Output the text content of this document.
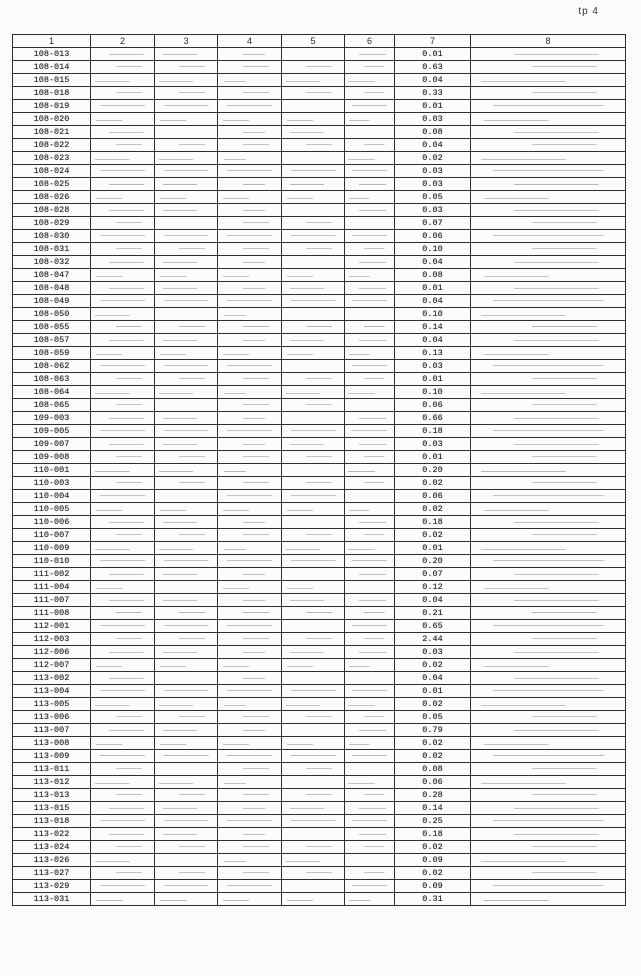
tp 4
1	2	3	4	5	6	7	8
108-013						0.01	
108-014						0.63	
108-015						0.04	
108-018						0.33	
108-019						0.01	
108-020						0.03	
108-021						0.08	
108-022						0.04	
108-023						0.02	
108-024						0.03	
108-025						0.03	
108-026						0.05	
108-028						0.03	
108-029						0.07	
108-030						0.06	
108-031						0.10	
108-032						0.04	
108-047						0.08	
108-048						0.01	
108-049						0.04	
108-050						0.10	
108-055						0.14	
108-057						0.04	
108-059						0.13	
108-062						0.03	
108-063						0.01	
108-064						0.10	
108-065						0.06	
109-003						0.66	
109-005						0.18	
109-007						0.03	
109-008						0.01	
110-001						0.20	
110-003						0.02	
110-004						0.06	
110-005						0.02	
110-006						0.18	
110-007						0.02	
110-009						0.01	
110-010						0.20	
111-002						0.07	
111-004						0.12	
111-007						0.04	
111-008						0.21	
112-001						0.65	
112-003						2.44	
112-006						0.03	
112-007						0.02	
113-002						0.04	
113-004						0.01	
113-005						0.02	
113-006						0.05	
113-007						0.79	
113-008						0.02	
113-009						0.02	
113-011						0.08	
113-012						0.06	
113-013						0.28	
113-015						0.14	
113-018						0.25	
113-022						0.18	
113-024						0.02	
113-026						0.09	
113-027						0.02	
113-029						0.09	
113-031						0.31	
